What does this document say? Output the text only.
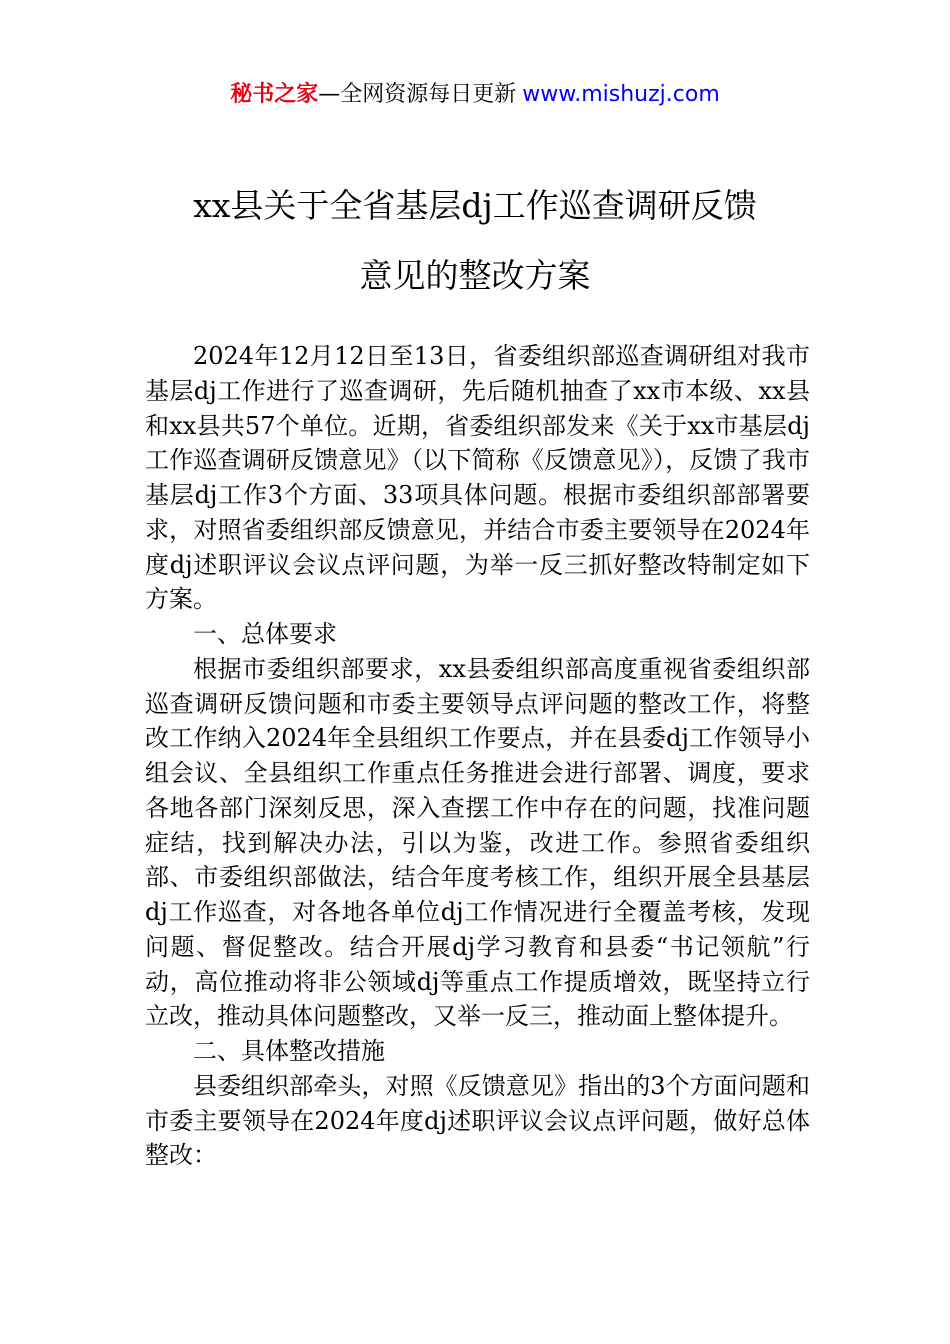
秘书之家—全网资源每日更新 www.mishuzj.com
xx县关于全省基层dj工作巡查调研反馈
意见的整改方案

2024年12月12日至13日，省委组织部巡查调研组对我市基层dj工作进行了巡查调研，先后随机抽查了xx市本级、xx县和xx县共57个单位。近期，省委组织部发来《关于xx市基层dj工作巡查调研反馈意见》（以下简称《反馈意见》），反馈了我市基层dj工作3个方面、33项具体问题。根据市委组织部部署要求，对照省委组织部反馈意见，并结合市委主要领导在2024年度dj述职评议会议点评问题，为举一反三抓好整改特制定如下方案。

一、总体要求

根据市委组织部要求，xx县委组织部高度重视省委组织部巡查调研反馈问题和市委主要领导点评问题的整改工作，将整改工作纳入2024年全县组织工作要点，并在县委dj工作领导小组会议、全县组织工作重点任务推进会进行部署、调度，要求各地各部门深刻反思，深入查摆工作中存在的问题，找准问题症结，找到解决办法，引以为鉴，改进工作。参照省委组织部、市委组织部做法，结合年度考核工作，组织开展全县基层dj工作巡查，对各地各单位dj工作情况进行全覆盖考核，发现问题、督促整改。结合开展dj学习教育和县委“书记领航”行动，高位推动将非公领域dj等重点工作提质增效，既坚持立行立改，推动具体问题整改，又举一反三，推动面上整体提升。

二、具体整改措施

县委组织部牵头，对照《反馈意见》指出的3个方面问题和市委主要领导在2024年度dj述职评议会议点评问题，做好总体整改：
